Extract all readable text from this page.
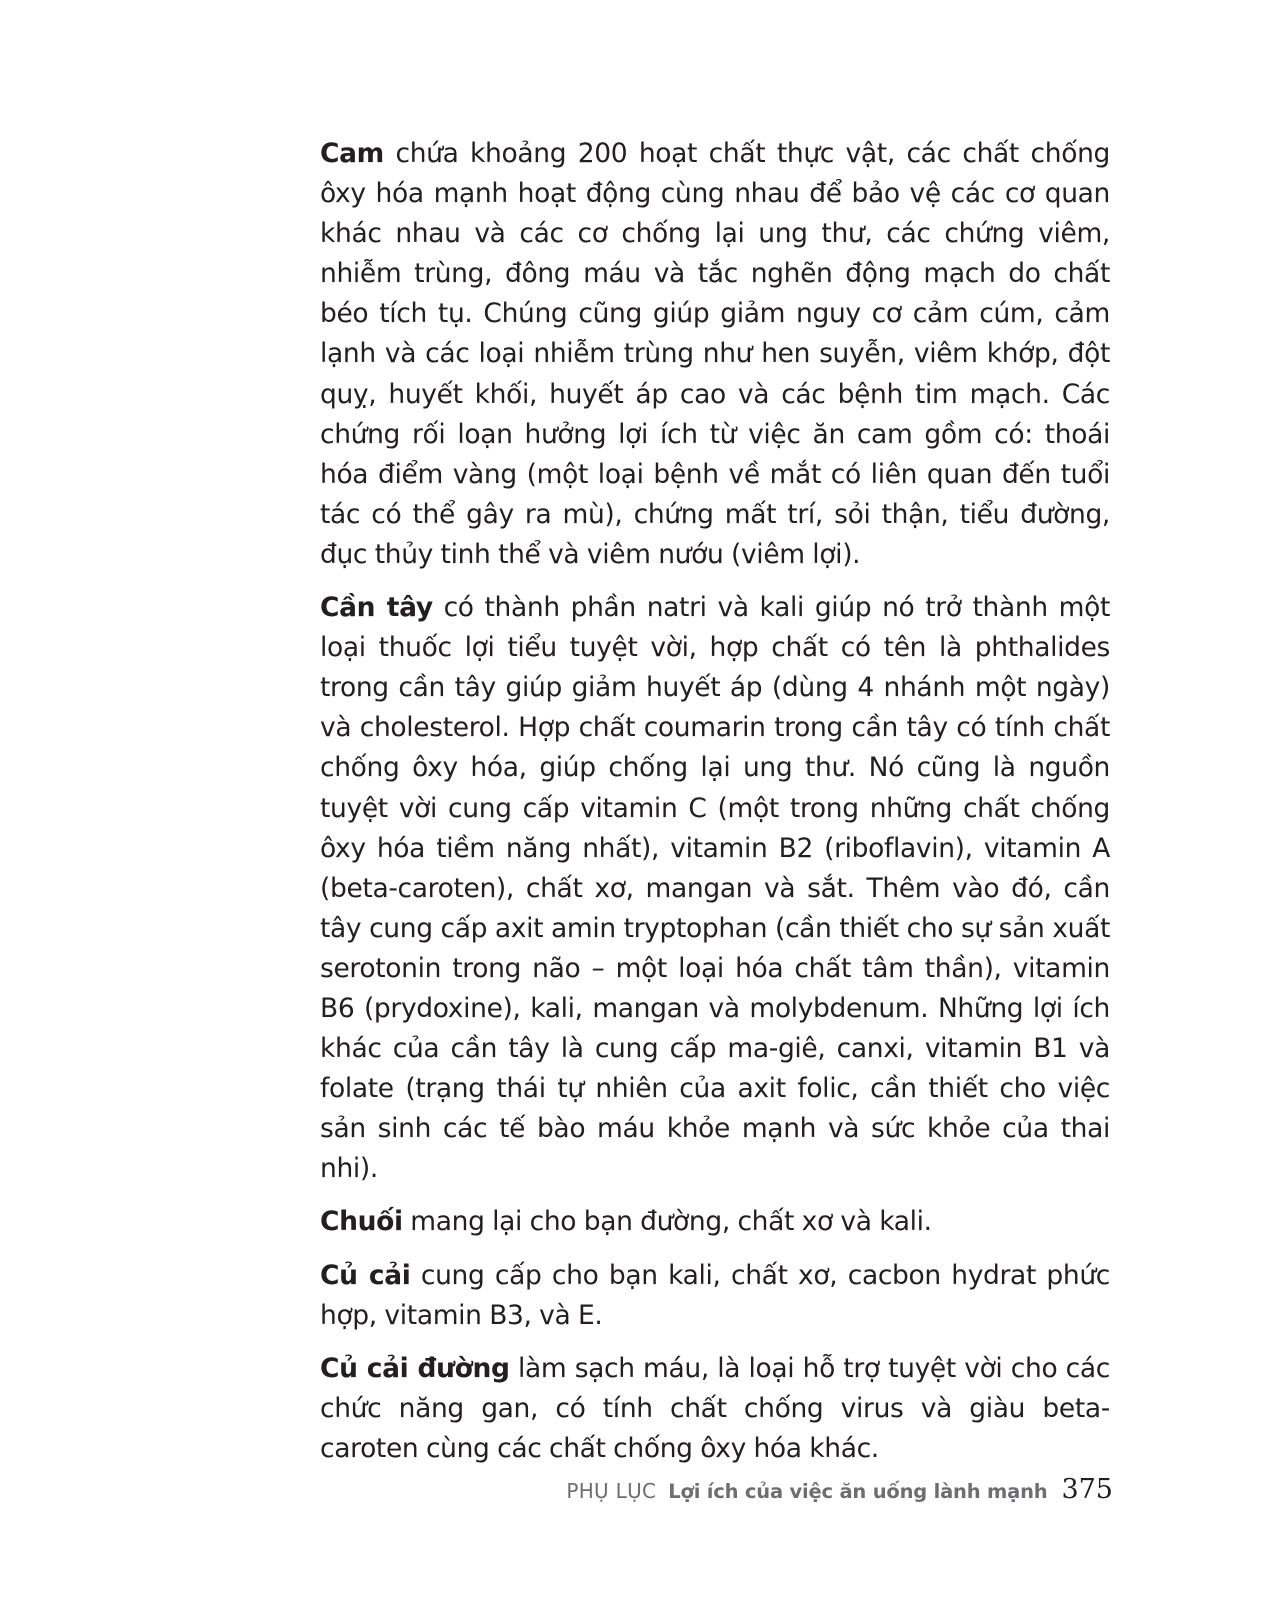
Cam chứa khoảng 200 hoạt chất thực vật, các chất chống ôxy hóa mạnh hoạt động cùng nhau để bảo vệ các cơ quan khác nhau và các cơ chống lại ung thư, các chứng viêm, nhiễm trùng, đông máu và tắc nghẽn động mạch do chất béo tích tụ. Chúng cũng giúp giảm nguy cơ cảm cúm, cảm lạnh và các loại nhiễm trùng như hen suyễn, viêm khớp, đột quỵ, huyết khối, huyết áp cao và các bệnh tim mạch. Các chứng rối loạn hưởng lợi ích từ việc ăn cam gồm có: thoái hóa điểm vàng (một loại bệnh về mắt có liên quan đến tuổi tác có thể gây ra mù), chứng mất trí, sỏi thận, tiểu đường, đục thủy tinh thể và viêm nướu (viêm lợi).

Cần tây có thành phần natri và kali giúp nó trở thành một loại thuốc lợi tiểu tuyệt vời, hợp chất có tên là phthalides trong cần tây giúp giảm huyết áp (dùng 4 nhánh một ngày) và cholesterol. Hợp chất coumarin trong cần tây có tính chất chống ôxy hóa, giúp chống lại ung thư. Nó cũng là nguồn tuyệt vời cung cấp vitamin C (một trong những chất chống ôxy hóa tiềm năng nhất), vitamin B2 (riboflavin), vitamin A (beta-caroten), chất xơ, mangan và sắt. Thêm vào đó, cần tây cung cấp axit amin tryptophan (cần thiết cho sự sản xuất serotonin trong não – một loại hóa chất tâm thần), vitamin B6 (prydoxine), kali, mangan và molybdenum. Những lợi ích khác của cần tây là cung cấp ma-giê, canxi, vitamin B1 và folate (trạng thái tự nhiên của axit folic, cần thiết cho việc sản sinh các tế bào máu khỏe mạnh và sức khỏe của thai nhi).

Chuối mang lại cho bạn đường, chất xơ và kali.

Củ cải cung cấp cho bạn kali, chất xơ, cacbon hydrat phức hợp, vitamin B3, và E.

Củ cải đường làm sạch máu, là loại hỗ trợ tuyệt vời cho các chức năng gan, có tính chất chống virus và giàu beta-caroten cùng các chất chống ôxy hóa khác.

PHỤ LỤC Lợi ích của việc ăn uống lành mạnh 375
